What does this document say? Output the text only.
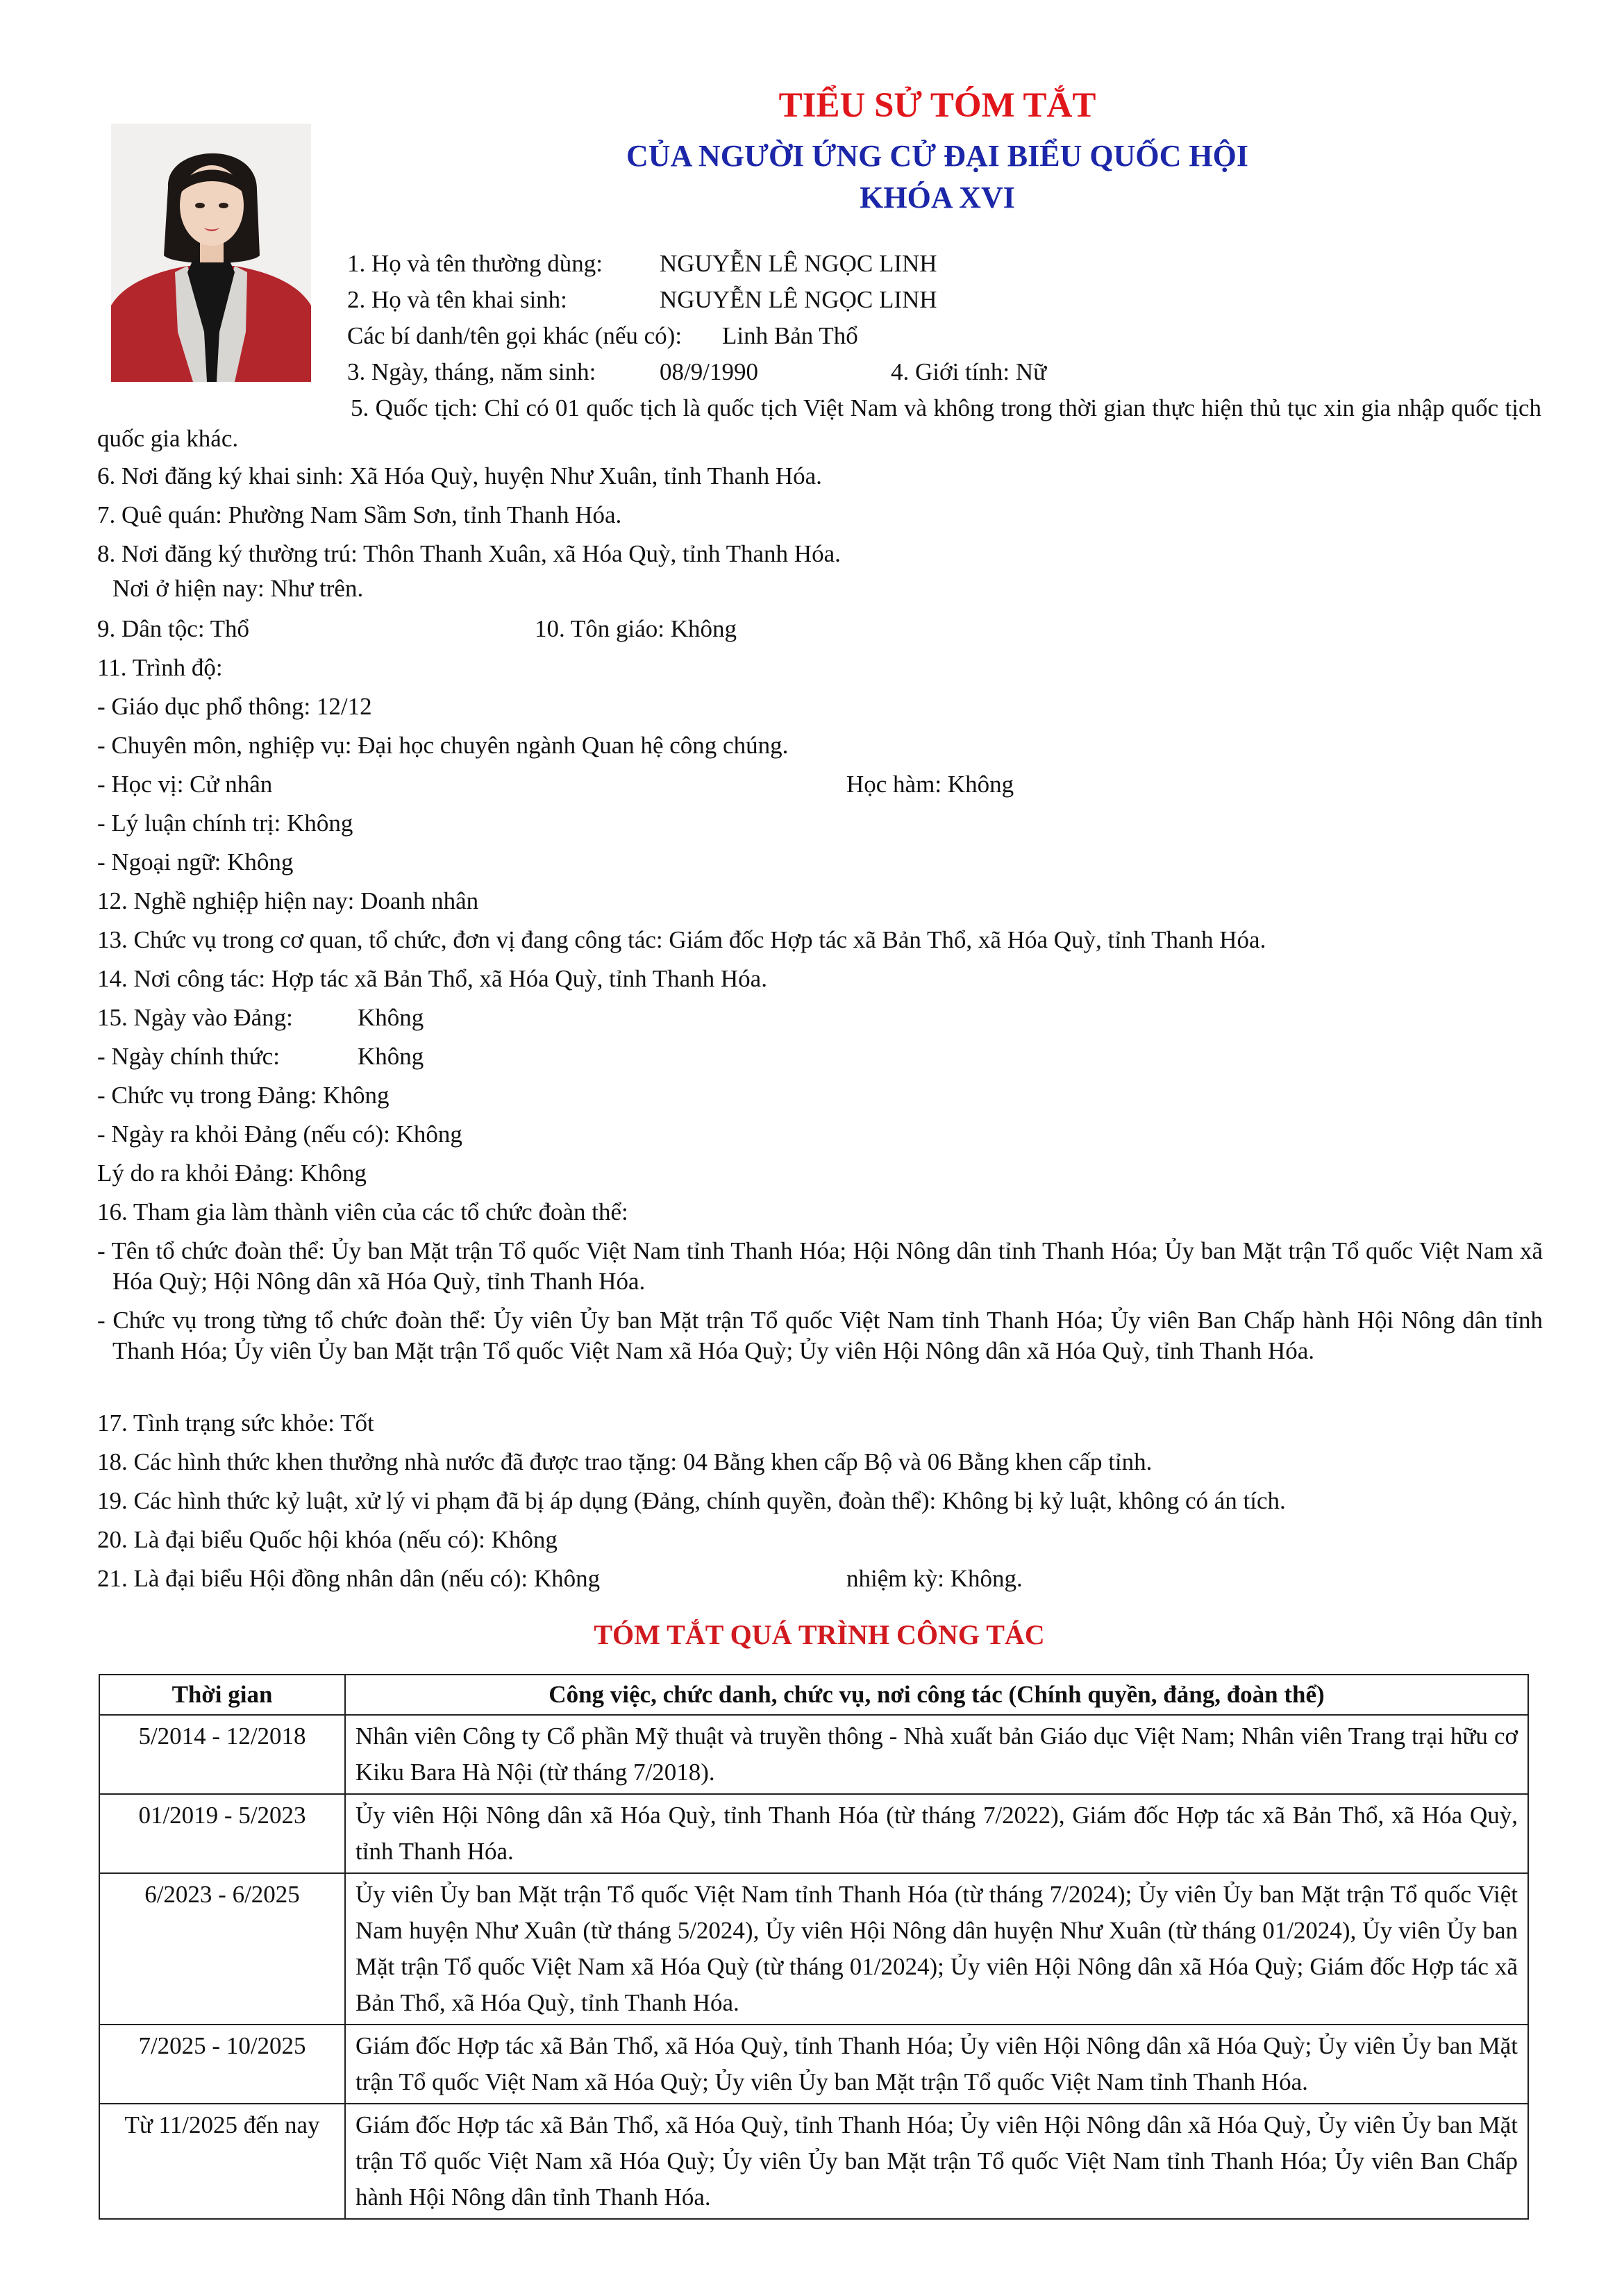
TIỂU SỬ TÓM TẮT
CỦA NGƯỜI ỨNG CỬ ĐẠI BIỂU QUỐC HỘI
KHÓA XVI
1. Họ và tên thường dùng: NGUYỄN LÊ NGỌC LINH
2. Họ và tên khai sinh:	NGUYỄN LÊ NGỌC LINH
Các bí danh/tên gọi khác (nếu có): Linh Bản Thổ
3. Ngày, tháng, năm sinh:	08/9/1990	4. Giới tính: Nữ
5. Quốc tịch: Chỉ có 01 quốc tịch là quốc tịch Việt Nam và không trong thời gian thực hiện thủ tục xin gia nhập quốc tịch quốc gia khác.
6. Nơi đăng ký khai sinh: Xã Hóa Quỳ, huyện Như Xuân, tỉnh Thanh Hóa.
7. Quê quán: Phường Nam Sầm Sơn, tỉnh Thanh Hóa.
8. Nơi đăng ký thường trú: Thôn Thanh Xuân, xã Hóa Quỳ, tỉnh Thanh Hóa.
Nơi ở hiện nay: Như trên.
9. Dân tộc: Thổ	10. Tôn giáo: Không
11. Trình độ:
- Giáo dục phổ thông: 12/12
- Chuyên môn, nghiệp vụ: Đại học chuyên ngành Quan hệ công chúng.
- Học vị: Cử nhân	Học hàm: Không
- Lý luận chính trị: Không
- Ngoại ngữ: Không
12. Nghề nghiệp hiện nay: Doanh nhân
13. Chức vụ trong cơ quan, tổ chức, đơn vị đang công tác: Giám đốc Hợp tác xã Bản Thổ, xã Hóa Quỳ, tỉnh Thanh Hóa.
14. Nơi công tác: Hợp tác xã Bản Thổ, xã Hóa Quỳ, tỉnh Thanh Hóa.
15. Ngày vào Đảng:	Không
- Ngày chính thức:	Không
- Chức vụ trong Đảng: Không
- Ngày ra khỏi Đảng (nếu có): Không
Lý do ra khỏi Đảng: Không
16. Tham gia làm thành viên của các tổ chức đoàn thể:
- Tên tổ chức đoàn thể: Ủy ban Mặt trận Tổ quốc Việt Nam tỉnh Thanh Hóa; Hội Nông dân tỉnh Thanh Hóa; Ủy ban Mặt trận Tổ quốc Việt Nam xã Hóa Quỳ; Hội Nông dân xã Hóa Quỳ, tỉnh Thanh Hóa.
- Chức vụ trong từng tổ chức đoàn thể: Ủy viên Ủy ban Mặt trận Tổ quốc Việt Nam tỉnh Thanh Hóa; Ủy viên Ban Chấp hành Hội Nông dân tỉnh Thanh Hóa; Ủy viên Ủy ban Mặt trận Tổ quốc Việt Nam xã Hóa Quỳ; Ủy viên Hội Nông dân xã Hóa Quỳ, tỉnh Thanh Hóa.
17. Tình trạng sức khỏe: Tốt
18. Các hình thức khen thưởng nhà nước đã được trao tặng: 04 Bằng khen cấp Bộ và 06 Bằng khen cấp tỉnh.
19. Các hình thức kỷ luật, xử lý vi phạm đã bị áp dụng (Đảng, chính quyền, đoàn thể): Không bị kỷ luật, không có án tích.
20. Là đại biểu Quốc hội khóa (nếu có): Không
21. Là đại biểu Hội đồng nhân dân (nếu có): Không	nhiệm kỳ: Không.
TÓM TẮT QUÁ TRÌNH CÔNG TÁC
Thời gian	Công việc, chức danh, chức vụ, nơi công tác (Chính quyền, đảng, đoàn thể)
5/2014 - 12/2018	Nhân viên Công ty Cổ phần Mỹ thuật và truyền thông - Nhà xuất bản Giáo dục Việt Nam; Nhân viên Trang trại hữu cơ Kiku Bara Hà Nội (từ tháng 7/2018).
01/2019 - 5/2023	Ủy viên Hội Nông dân xã Hóa Quỳ, tỉnh Thanh Hóa (từ tháng 7/2022), Giám đốc Hợp tác xã Bản Thổ, xã Hóa Quỳ, tỉnh Thanh Hóa.
6/2023 - 6/2025	Ủy viên Ủy ban Mặt trận Tổ quốc Việt Nam tỉnh Thanh Hóa (từ tháng 7/2024); Ủy viên Ủy ban Mặt trận Tổ quốc Việt Nam huyện Như Xuân (từ tháng 5/2024), Ủy viên Hội Nông dân huyện Như Xuân (từ tháng 01/2024), Ủy viên Ủy ban Mặt trận Tổ quốc Việt Nam xã Hóa Quỳ (từ tháng 01/2024); Ủy viên Hội Nông dân xã Hóa Quỳ; Giám đốc Hợp tác xã Bản Thổ, xã Hóa Quỳ, tỉnh Thanh Hóa.
7/2025 - 10/2025	Giám đốc Hợp tác xã Bản Thổ, xã Hóa Quỳ, tỉnh Thanh Hóa; Ủy viên Hội Nông dân xã Hóa Quỳ; Ủy viên Ủy ban Mặt trận Tổ quốc Việt Nam xã Hóa Quỳ; Ủy viên Ủy ban Mặt trận Tổ quốc Việt Nam tỉnh Thanh Hóa.
Từ 11/2025 đến nay	Giám đốc Hợp tác xã Bản Thổ, xã Hóa Quỳ, tỉnh Thanh Hóa; Ủy viên Hội Nông dân xã Hóa Quỳ, Ủy viên Ủy ban Mặt trận Tổ quốc Việt Nam xã Hóa Quỳ; Ủy viên Ủy ban Mặt trận Tổ quốc Việt Nam tỉnh Thanh Hóa; Ủy viên Ban Chấp hành Hội Nông dân tỉnh Thanh Hóa.
